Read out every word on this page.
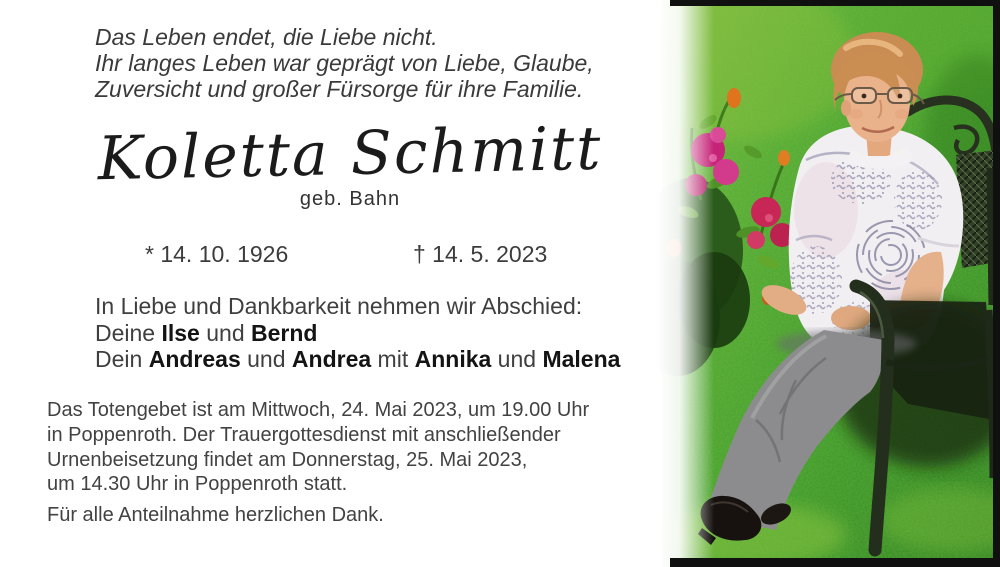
Das Leben endet, die Liebe nicht.
Ihr langes Leben war geprägt von Liebe, Glaube,
Zuversicht und großer Fürsorge für ihre Familie.
Koletta Schmitt
geb. Bahn
* 14. 10. 1926	† 14. 5. 2023
In Liebe und Dankbarkeit nehmen wir Abschied:
Deine Ilse und Bernd
Dein Andreas und Andrea mit Annika und Malena
Das Totengebet ist am Mittwoch, 24. Mai 2023, um 19.00 Uhr
in Poppenroth. Der Trauergottesdienst mit anschließender
Urnenbeisetzung findet am Donnerstag, 25. Mai 2023,
um 14.30 Uhr in Poppenroth statt.
Für alle Anteilnahme herzlichen Dank.
